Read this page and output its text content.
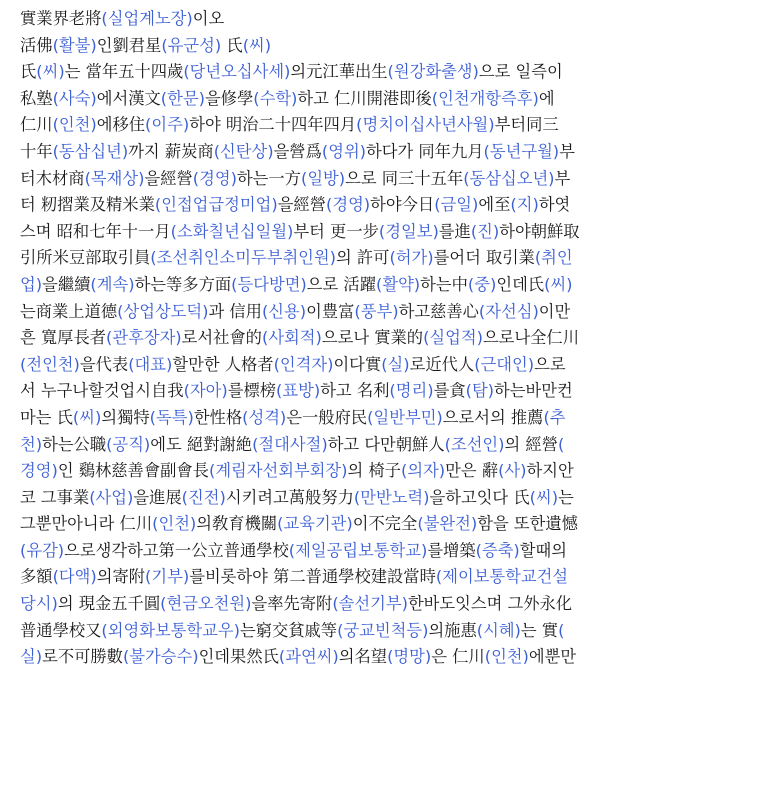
實業界老將(실업계노장)이오
活佛(활불)인劉君星(유군성) 氏(씨)
氏(씨)는 當年五十四歲(당년오십사세)의元江華出生(원강화출생)으로 일즉이
私塾(사숙)에서漢文(한문)을修學(수학)하고 仁川開港即後(인천개항즉후)에
仁川(인천)에移住(이주)하야 明治二十四年四月(명치이십사년사월)부터同三
十年(동삼십년)까지 薪炭商(신탄상)을營爲(영위)하다가 同年九月(동년구월)부
터木材商(목재상)을經營(경영)하는一方(일방)으로 同三十五年(동삼십오년)부
터 籾摺業及精米業(인접업급정미업)을經營(경영)하야今日(금일)에至(지)하엿
스며 昭和七年十一月(소화칠년십일월)부터 更一步(경일보)를進(진)하야朝鮮取
引所米豆部取引員(조선취인소미두부취인원)의 許可(허가)를어더 取引業(취인
업)을繼續(계속)하는等多方面(등다방면)으로 活躍(활약)하는中(중)인데氏(씨)
는商業上道德(상업상도덕)과 信用(신용)이豊富(풍부)하고慈善心(자선심)이만
흔 寬厚長者(관후장자)로서社會的(사회적)으로나 實業的(실업적)으로나全仁川
(전인천)을代表(대표)할만한 人格者(인격자)이다實(실)로近代人(근대인)으로
서 누구나할것업시自我(자아)를標榜(표방)하고 名利(명리)를貪(탐)하는바만컨
마는 氏(씨)의獨特(독특)한性格(성격)은一般府民(일반부민)으로서의 推薦(추
천)하는公職(공직)에도 絕對謝絶(절대사절)하고 다만朝鮮人(조선인)의 經營(
경영)인 鷄林慈善會副會長(계림자선회부회장)의 椅子(의자)만은 辭(사)하지안
코 그事業(사업)을進展(진전)시키려고萬般努力(만반노력)을하고잇다 氏(씨)는
그뿐만아니라 仁川(인천)의敎育機關(교육기관)이不完全(불완전)함을 또한遺憾
(유감)으로생각하고第一公立普通學校(제일공립보통학교)를增築(증축)할때의
多額(다액)의寄附(기부)를비롯하야 第二普通學校建設當時(제이보통학교건설
당시)의 現金五千圓(현금오천원)을率先寄附(솔선기부)한바도잇스며 그外永化
普通學校又(외영화보통학교우)는窮交貧戚等(궁교빈척등)의施惠(시혜)는 實(
실)로不可勝數(불가승수)인데果然氏(과연씨)의名望(명망)은 仁川(인천)에뿐만
